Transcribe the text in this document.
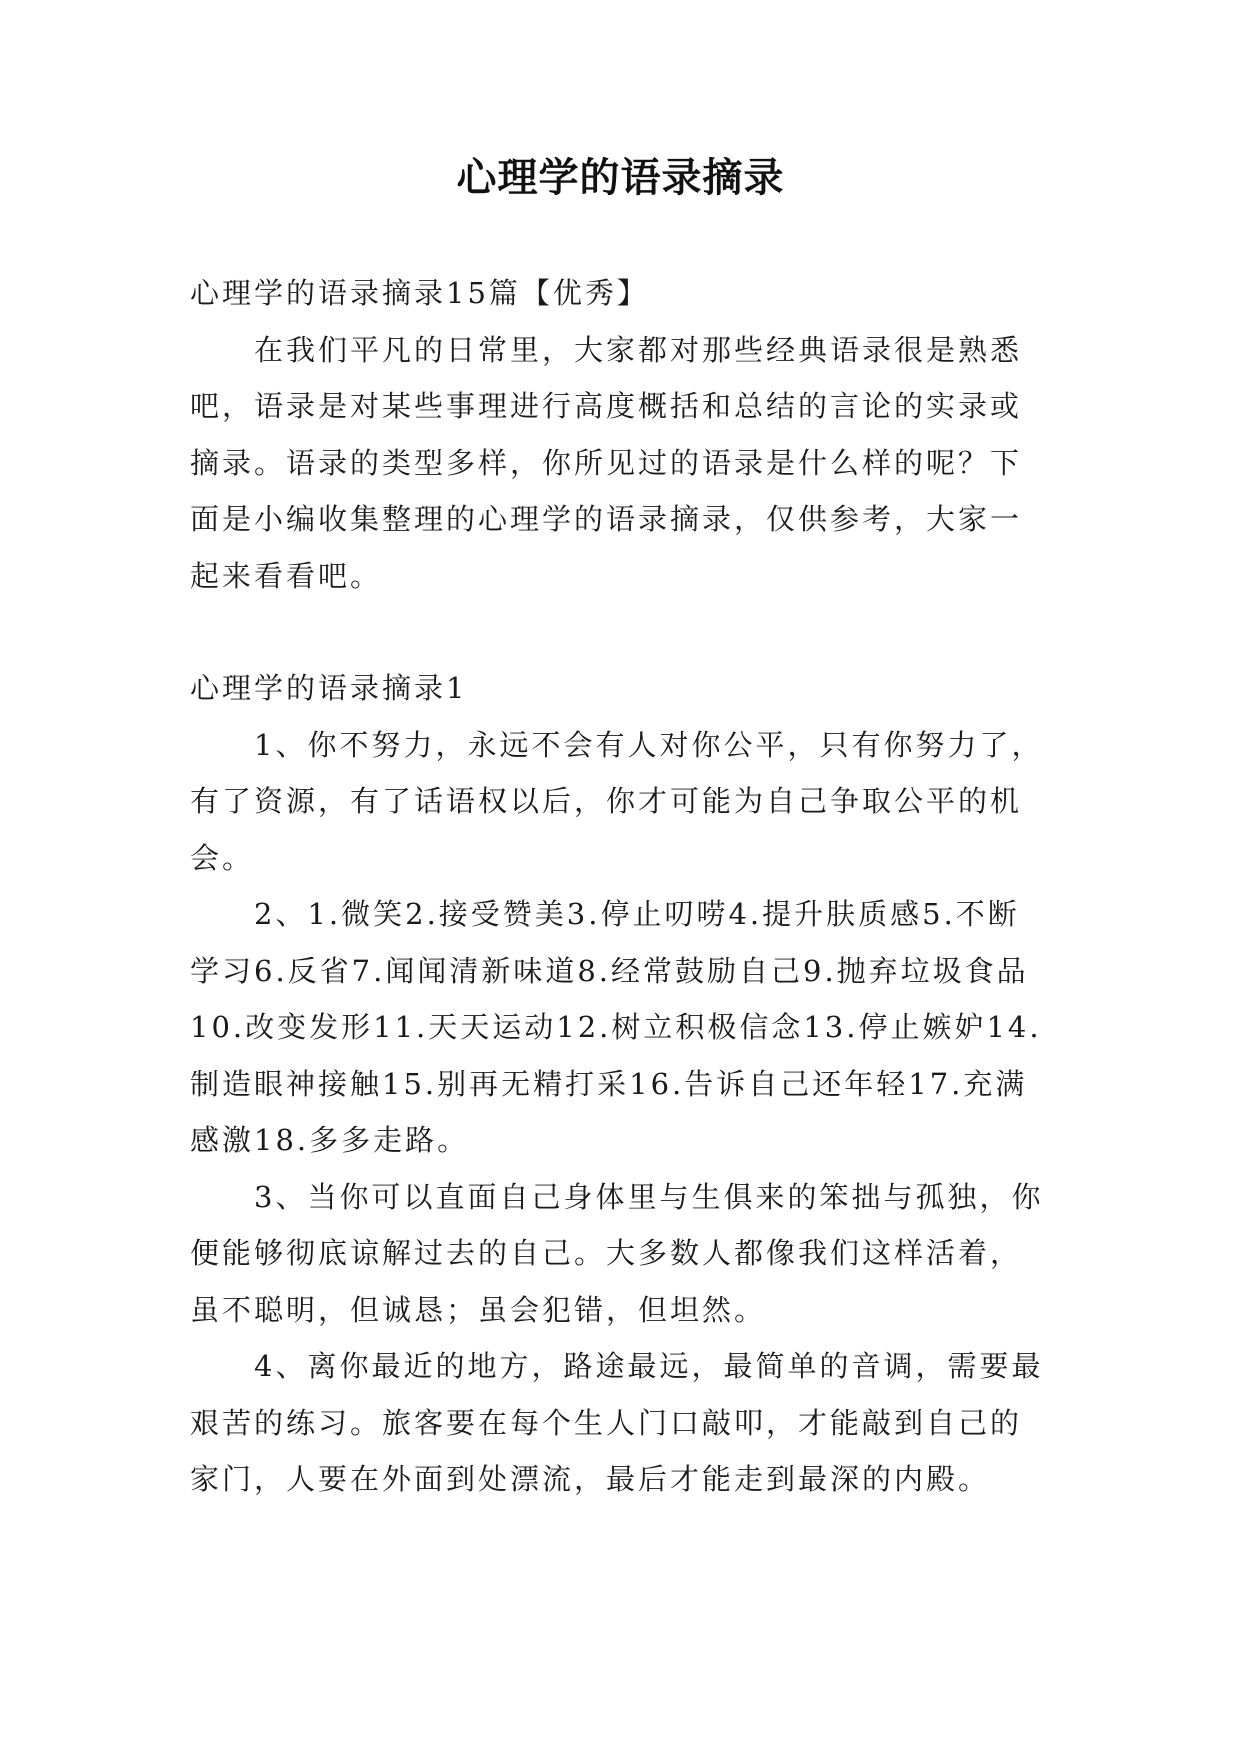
心理学的语录摘录

心理学的语录摘录15篇【优秀】

在我们平凡的日常里，大家都对那些经典语录很是熟悉吧，语录是对某些事理进行高度概括和总结的言论的实录或摘录。语录的类型多样，你所见过的语录是什么样的呢？下面是小编收集整理的心理学的语录摘录，仅供参考，大家一起来看看吧。

心理学的语录摘录1

1、你不努力，永远不会有人对你公平，只有你努力了，有了资源，有了话语权以后，你才可能为自己争取公平的机会。

2、1.微笑2.接受赞美3.停止叨唠4.提升肤质感5.不断学习6.反省7.闻闻清新味道8.经常鼓励自己9.抛弃垃圾食品10.改变发形11.天天运动12.树立积极信念13.停止嫉妒14.制造眼神接触15.别再无精打采16.告诉自己还年轻17.充满感激18.多多走路。

3、当你可以直面自己身体里与生俱来的笨拙与孤独，你便能够彻底谅解过去的自己。大多数人都像我们这样活着，虽不聪明，但诚恳；虽会犯错，但坦然。

4、离你最近的地方，路途最远，最简单的音调，需要最艰苦的练习。旅客要在每个生人门口敲叩，才能敲到自己的家门，人要在外面到处漂流，最后才能走到最深的内殿。
